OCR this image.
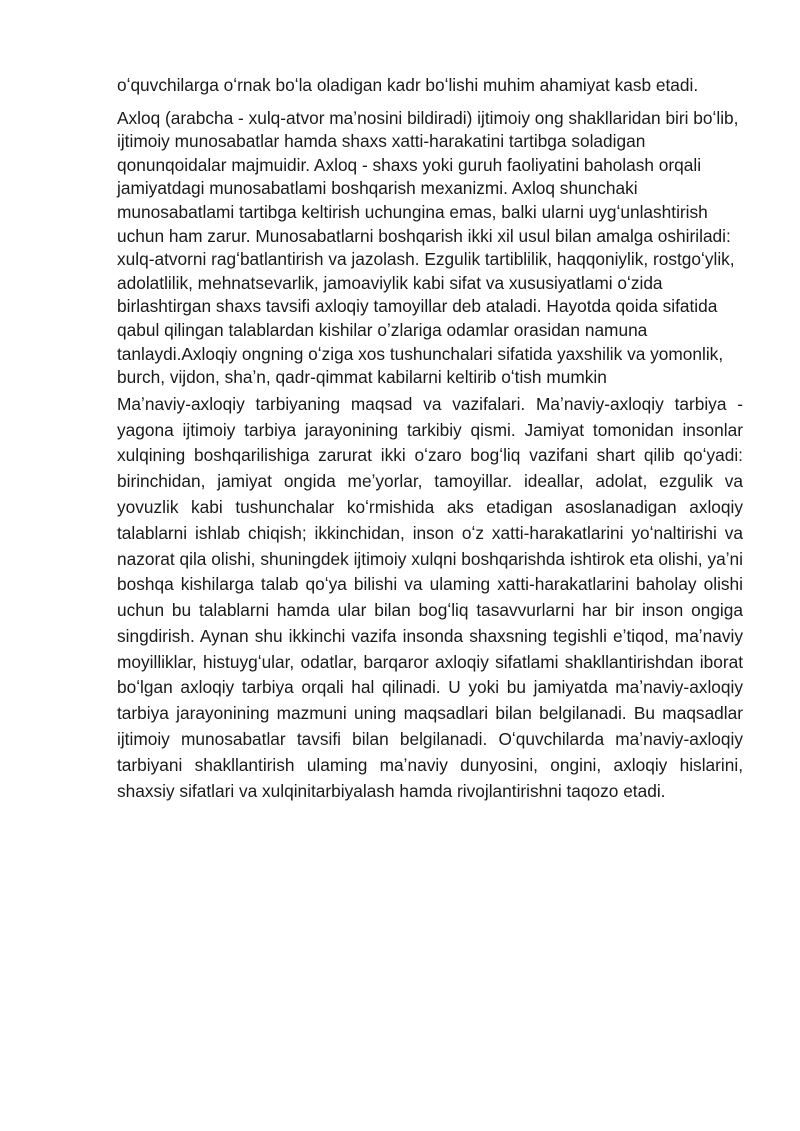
oʻquvchilarga oʻrnak boʻla oladigan kadr boʻlishi muhim ahamiyat kasb etadi.

Axloq (arabcha - xulq-atvor maʼnosini bildiradi) ijtimoiy ong shakllaridan biri boʻlib, ijtimoiy munosabatlar hamda shaxs xatti-harakatini tartibga soladigan qonunqoidalar majmuidir. Axloq - shaxs yoki guruh faoliyatini baholash orqali jamiyatdagi munosabatlami boshqarish mexanizmi. Axloq shunchaki munosabatlami tartibga keltirish uchungina emas, balki ularni uygʻunlashtirish uchun ham zarur. Munosabatlarni boshqarish ikki xil usul bilan amalga oshiriladi: xulq-atvorni ragʻbatlantirish va jazolash. Ezgulik tartiblilik, haqqoniylik, rostgoʻylik, adolatlilik, mehnatsevarlik, jamoaviylik kabi sifat va xususiyatlami oʻzida birlashtirgan shaxs tavsifi axloqiy tamoyillar deb ataladi. Hayotda qoida sifatida qabul qilingan talablardan kishilar oʼzlariga odamlar orasidan namuna tanlaydi.Axloqiy ongning oʻziga xos tushunchalari sifatida yaxshilik va yomonlik, burch, vijdon, shaʼn, qadr-qimmat kabilarni keltirib oʻtish mumkin

Maʼnaviy-axloqiy tarbiyaning maqsad va vazifalari. Maʼnaviy-axloqiy tarbiya - yagona ijtimoiy tarbiya jarayonining tarkibiy qismi. Jamiyat tomonidan insonlar xulqining boshqarilishiga zarurat ikki oʻzaro bogʻliq vazifani shart qilib qoʻyadi: birinchidan, jamiyat ongida meʼyorlar, tamoyillar. ideallar, adolat, ezgulik va yovuzlik kabi tushunchalar koʻrmishida aks etadigan asoslanadigan axloqiy talablarni ishlab chiqish; ikkinchidan, inson oʻz xatti-harakatlarini yoʻnaltirishi va nazorat qila olishi, shuningdek ijtimoiy xulqni boshqarishda ishtirok eta olishi, yaʼni boshqa kishilarga talab qoʻya bilishi va ulaming xatti-harakatlarini baholay olishi uchun bu talablarni hamda ular bilan bogʻliq tasavvurlarni har bir inson ongiga singdirish. Aynan shu ikkinchi vazifa insonda shaxsning tegishli eʼtiqod, maʼnaviy moyilliklar, histuygʻular, odatlar, barqaror axloqiy sifatlami shakllantirishdan iborat boʻlgan axloqiy tarbiya orqali hal qilinadi. U yoki bu jamiyatda maʼnaviy-axloqiy tarbiya jarayonining mazmuni uning maqsadlari bilan belgilanadi. Bu maqsadlar ijtimoiy munosabatlar tavsifi bilan belgilanadi. Oʻquvchilarda maʼnaviy-axloqiy tarbiyani shakllantirish ulaming maʼnaviy dunyosini, ongini, axloqiy hislarini, shaxsiy sifatlari va xulqinitarbiyalash hamda rivojlantirishni taqozo etadi.
